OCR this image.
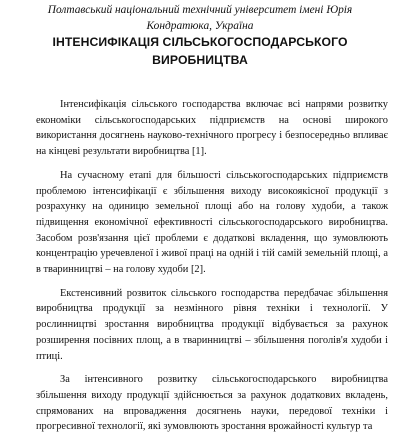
Полтавський національний технічний університет імені Юрія Кондратюка, Україна
ІНТЕНСИФІКАЦІЯ СІЛЬСЬКОГОСПОДАРСЬКОГО ВИРОБНИЦТВА

Інтенсифікація сільського господарства включає всі напрями розвитку економіки сільськогосподарських підприємств на основі широкого використання досягнень науково-технічного прогресу і безпосередньо впливає на кінцеві результати виробництва [1].

На сучасному етапі для більшості сільськогосподарських підприємств проблемою інтенсифікації є збільшення виходу високоякісної продукції з розрахунку на одиницю земельної площі або на голову худоби, а також підвищення економічної ефективності сільськогосподарського виробництва. Засобом розв'язання цієї проблеми є додаткові вкладення, що зумовлюють концентрацію уречевленої і живої праці на одній і тій самій земельній площі, а в тваринництві – на голову худоби [2].

Екстенсивний розвиток сільського господарства передбачає збільшення виробництва продукції за незмінного рівня техніки і технології. У рослинництві зростання виробництва продукції відбувається за рахунок розширення посівних площ, а в тваринництві – збільшення поголів'я худоби і птиці.

За інтенсивного розвитку сільськогосподарського виробництва збільшення виходу продукції здійснюється за рахунок додаткових вкладень, спрямованих на впровадження досягнень науки, передової техніки і прогресивної технології, які зумовлюють зростання врожайності культур та
